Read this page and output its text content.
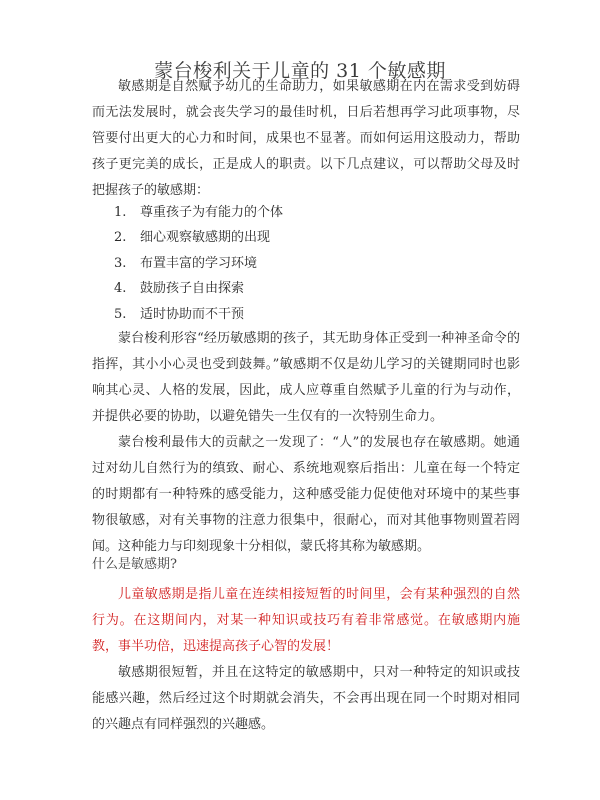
蒙台梭利关于儿童的 31 个敏感期

敏感期是自然赋予幼儿的生命助力，如果敏感期在内在需求受到妨碍而无法发展时，就会丧失学习的最佳时机，日后若想再学习此项事物，尽管要付出更大的心力和时间，成果也不显著。而如何运用这股动力，帮助孩子更完美的成长，正是成人的职责。以下几点建议，可以帮助父母及时把握孩子的敏感期：

1. 尊重孩子为有能力的个体
2. 细心观察敏感期的出现
3. 布置丰富的学习环境
4. 鼓励孩子自由探索
5. 适时协助而不干预

蒙台梭利形容“经历敏感期的孩子，其无助身体正受到一种神圣命令的指挥，其小小心灵也受到鼓舞。”敏感期不仅是幼儿学习的关键期同时也影响其心灵、人格的发展，因此，成人应尊重自然赋予儿童的行为与动作，并提供必要的协助，以避免错失一生仅有的一次特别生命力。

蒙台梭利最伟大的贡献之一发现了：“人”的发展也存在敏感期。她通过对幼儿自然行为的缜致、耐心、系统地观察后指出：儿童在每一个特定的时期都有一种特殊的感受能力，这种感受能力促使他对环境中的某些事物很敏感，对有关事物的注意力很集中，很耐心，而对其他事物则置若罔闻。这种能力与印刻现象十分相似，蒙氏将其称为敏感期。

什么是敏感期?

儿童敏感期是指儿童在连续相接短暂的时间里，会有某种强烈的自然行为。在这期间内，对某一种知识或技巧有着非常感觉。在敏感期内施教，事半功倍，迅速提高孩子心智的发展！

敏感期很短暂，并且在这特定的敏感期中，只对一种特定的知识或技能感兴趣，然后经过这个时期就会消失，不会再出现在同一个时期对相同的兴趣点有同样强烈的兴趣感。
